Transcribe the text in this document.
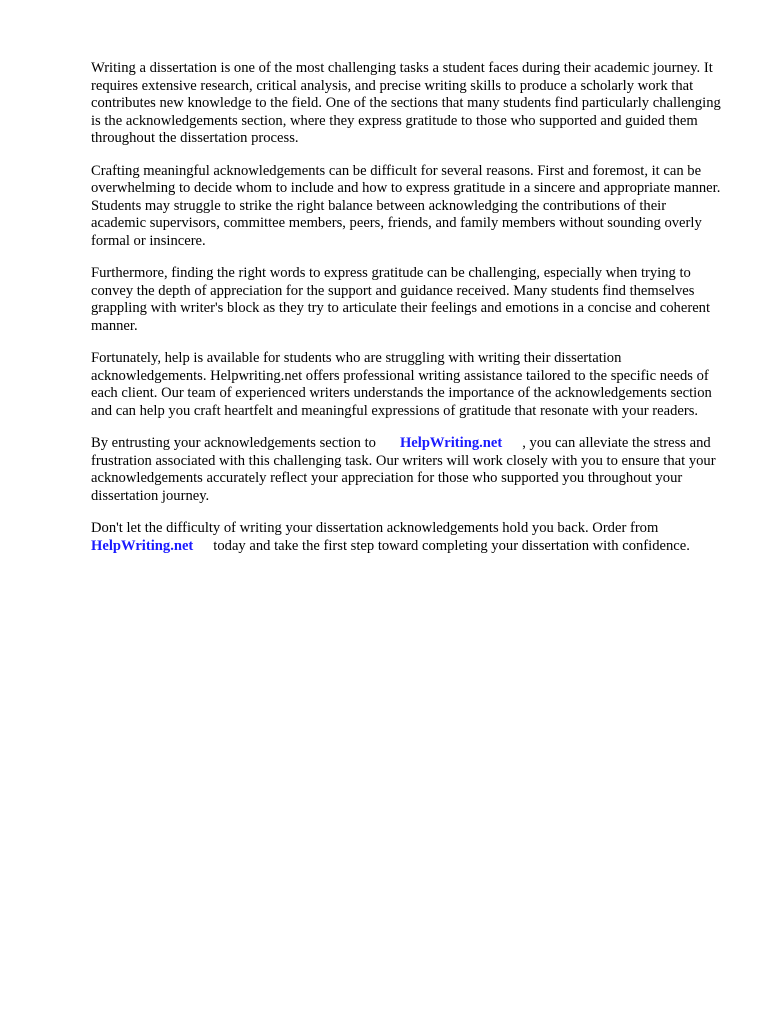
Writing a dissertation is one of the most challenging tasks a student faces during their academic journey. It requires extensive research, critical analysis, and precise writing skills to produce a scholarly work that contributes new knowledge to the field. One of the sections that many students find particularly challenging is the acknowledgements section, where they express gratitude to those who supported and guided them throughout the dissertation process.

Crafting meaningful acknowledgements can be difficult for several reasons. First and foremost, it can be overwhelming to decide whom to include and how to express gratitude in a sincere and appropriate manner. Students may struggle to strike the right balance between acknowledging the contributions of their academic supervisors, committee members, peers, friends, and family members without sounding overly formal or insincere.

Furthermore, finding the right words to express gratitude can be challenging, especially when trying to convey the depth of appreciation for the support and guidance received. Many students find themselves grappling with writer's block as they try to articulate their feelings and emotions in a concise and coherent manner.

Fortunately, help is available for students who are struggling with writing their dissertation acknowledgements. Helpwriting.net offers professional writing assistance tailored to the specific needs of each client. Our team of experienced writers understands the importance of the acknowledgements section and can help you craft heartfelt and meaningful expressions of gratitude that resonate with your readers.

By entrusting your acknowledgements section to HelpWriting.net , you can alleviate the stress and frustration associated with this challenging task. Our writers will work closely with you to ensure that your acknowledgements accurately reflect your appreciation for those who supported you throughout your dissertation journey.

Don't let the difficulty of writing your dissertation acknowledgements hold you back. Order from HelpWriting.net today and take the first step toward completing your dissertation with confidence.
